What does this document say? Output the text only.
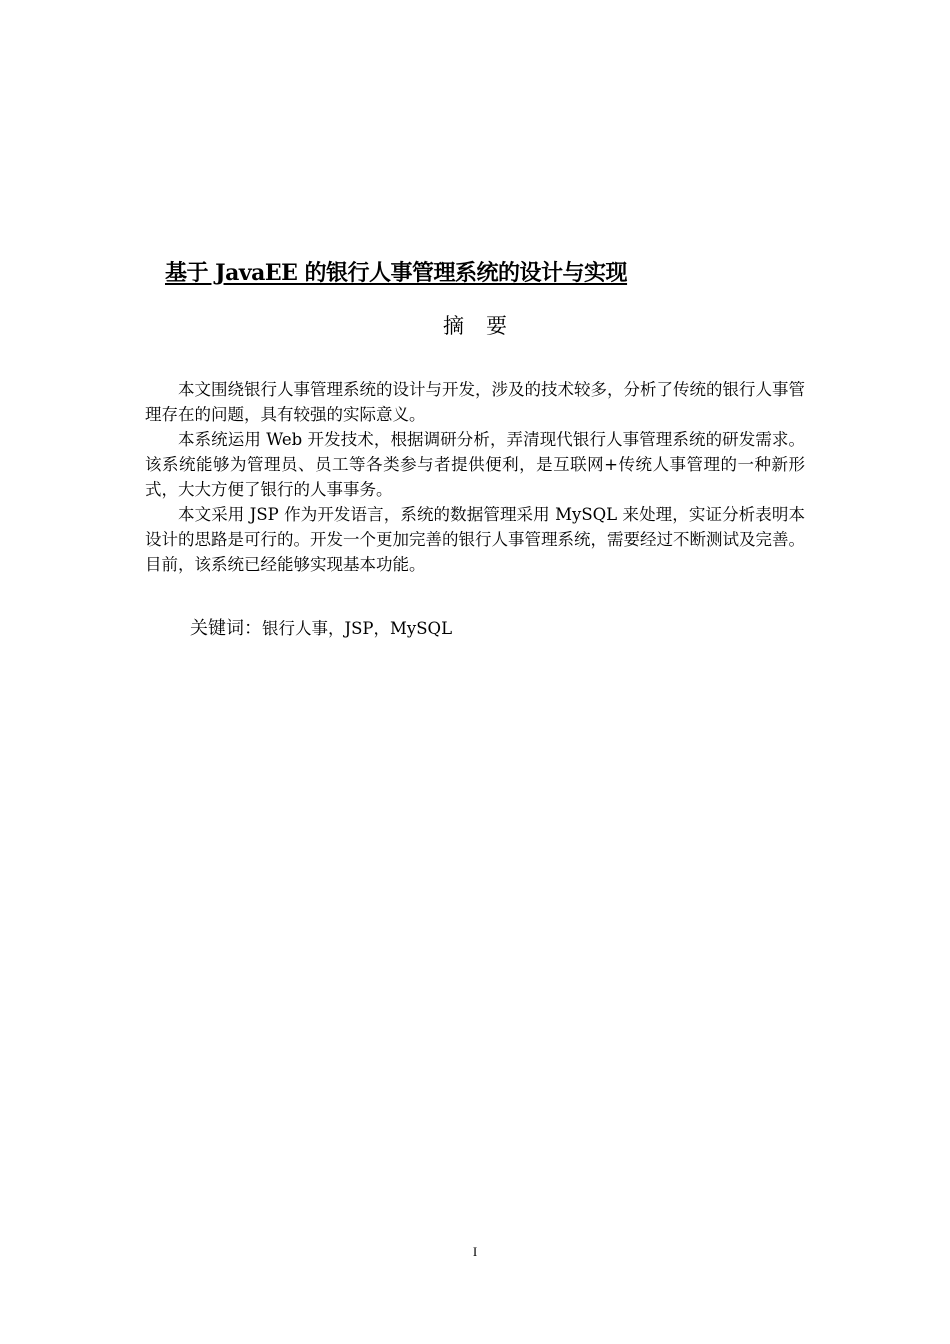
基于 JavaEE 的银行人事管理系统的设计与实现
摘要

本文围绕银行人事管理系统的设计与开发，涉及的技术较多，分析了传统的银行人事管理存在的问题，具有较强的实际意义。

本系统运用 Web 开发技术，根据调研分析，弄清现代银行人事管理系统的研发需求。该系统能够为管理员、员工等各类参与者提供便利，是互联网+传统人事管理的一种新形式，大大方便了银行的人事事务。

本文采用 JSP 作为开发语言，系统的数据管理采用 MySQL 来处理，实证分析表明本设计的思路是可行的。开发一个更加完善的银行人事管理系统，需要经过不断测试及完善。目前，该系统已经能够实现基本功能。

关键词：银行人事，JSP，MySQL
I
